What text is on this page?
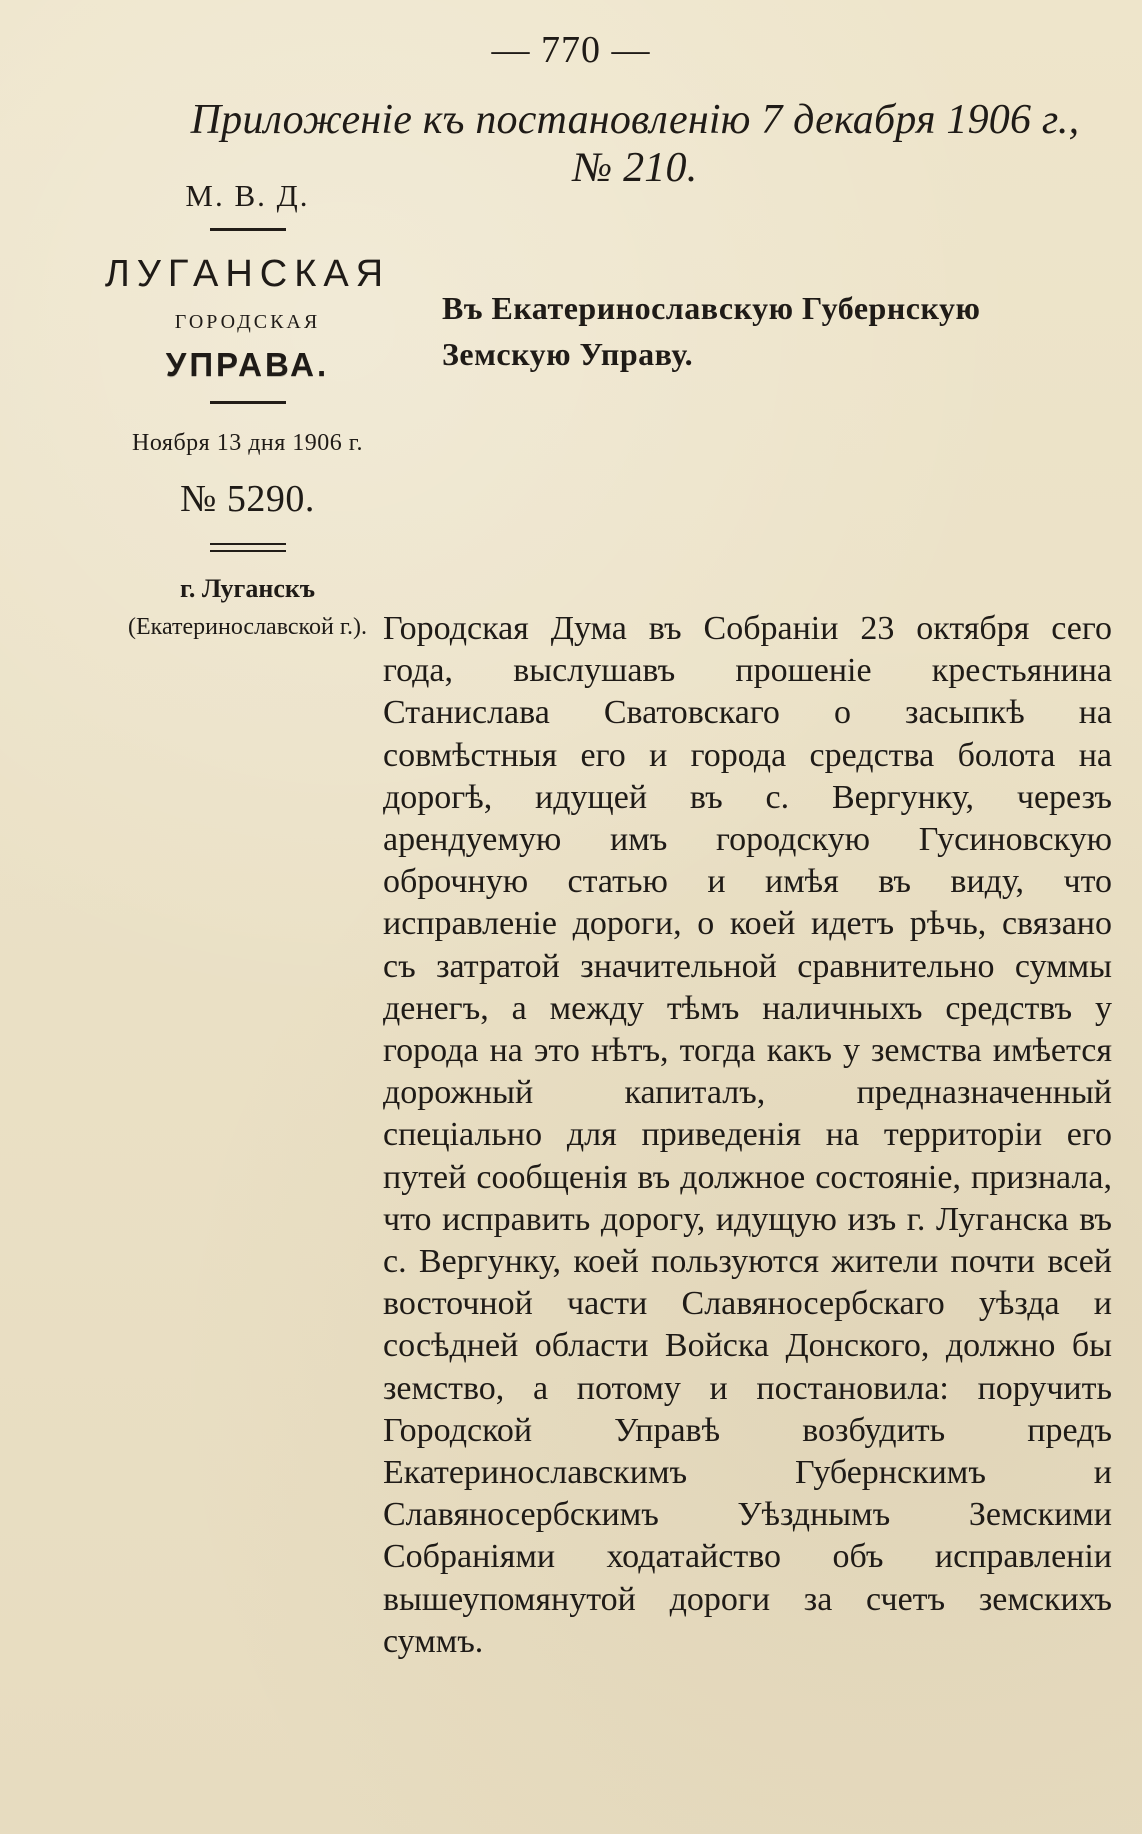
— 770 —
Приложеніе къ постановленію 7 декабря 1906 г., № 210.
М. В. Д.
ЛУГАНСКАЯ
ГОРОДСКАЯ
УПРАВА.
Ноября 13 дня 1906 г.
№ 5290.
г. Луганскъ
(Екатеринославской г.).
Въ Екатеринославскую Губернскую
Земскую Управу.
Городская Дума въ Собраніи 23 октября сего года, выслушавъ прошеніе крестьянина Станислава Сватовскаго о засыпкѣ на совмѣстныя его и города средства болота на дорогѣ, идущей въ с. Вергунку, черезъ арендуемую имъ городскую Гусиновскую оброчную статью и имѣя въ виду, что исправленіе дороги, о коей идетъ рѣчь, связано съ затратой значительной сравнительно суммы денегъ, а между тѣмъ наличныхъ средствъ у города на это нѣтъ, тогда какъ у земства имѣется дорожный капиталъ, предназначенный спеціально для приведенія на территоріи его путей сообщенія въ должное состояніе, признала, что исправить дорогу, идущую изъ г. Луганска въ с. Вергунку, коей пользуются жители почти всей восточной части Славяносербскаго уѣзда и сосѣдней области Войска Донского, должно бы земство, а потому и постановила: поручить Городской Управѣ возбудить предъ Екатеринославскимъ Губернскимъ и Славяносербскимъ Уѣзднымъ Земскими Собраніями ходатайство объ исправленіи вышеупомянутой дороги за счетъ земскихъ суммъ.
